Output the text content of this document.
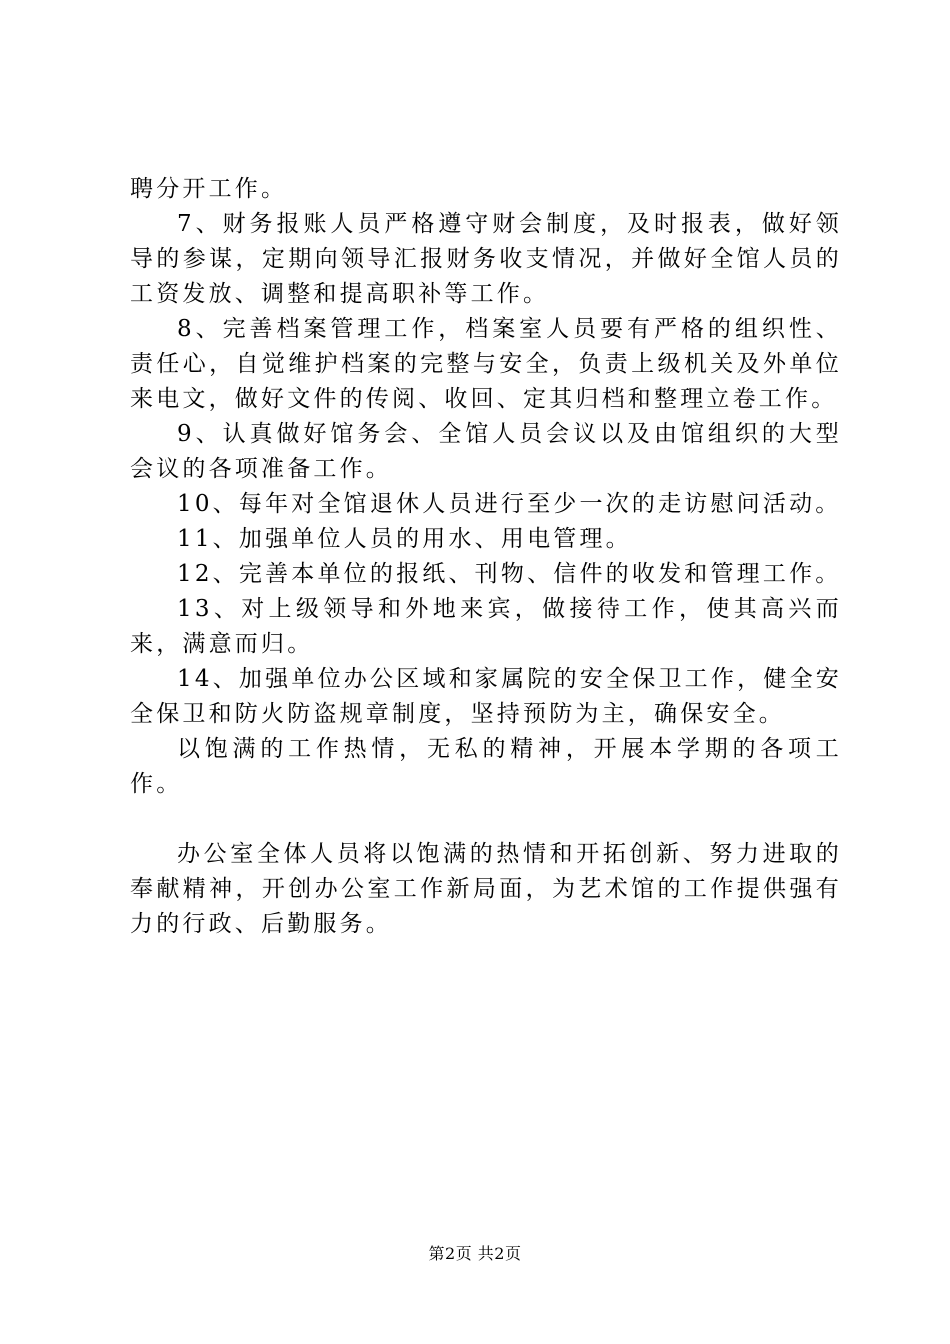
聘分开工作。

7、财务报账人员严格遵守财会制度，及时报表，做好领导的参谋，定期向领导汇报财务收支情况，并做好全馆人员的工资发放、调整和提高职补等工作。

8、完善档案管理工作，档案室人员要有严格的组织性、责任心，自觉维护档案的完整与安全，负责上级机关及外单位来电文，做好文件的传阅、收回、定其归档和整理立卷工作。

9、认真做好馆务会、全馆人员会议以及由馆组织的大型会议的各项准备工作。

10、每年对全馆退休人员进行至少一次的走访慰问活动。

11、加强单位人员的用水、用电管理。

12、完善本单位的报纸、刊物、信件的收发和管理工作。

13、对上级领导和外地来宾，做接待工作，使其高兴而来，满意而归。

14、加强单位办公区域和家属院的安全保卫工作，健全安全保卫和防火防盗规章制度，坚持预防为主，确保安全。

以饱满的工作热情，无私的精神，开展本学期的各项工作。

办公室全体人员将以饱满的热情和开拓创新、努力进取的奉献精神，开创办公室工作新局面，为艺术馆的工作提供强有力的行政、后勤服务。

第2页 共2页
